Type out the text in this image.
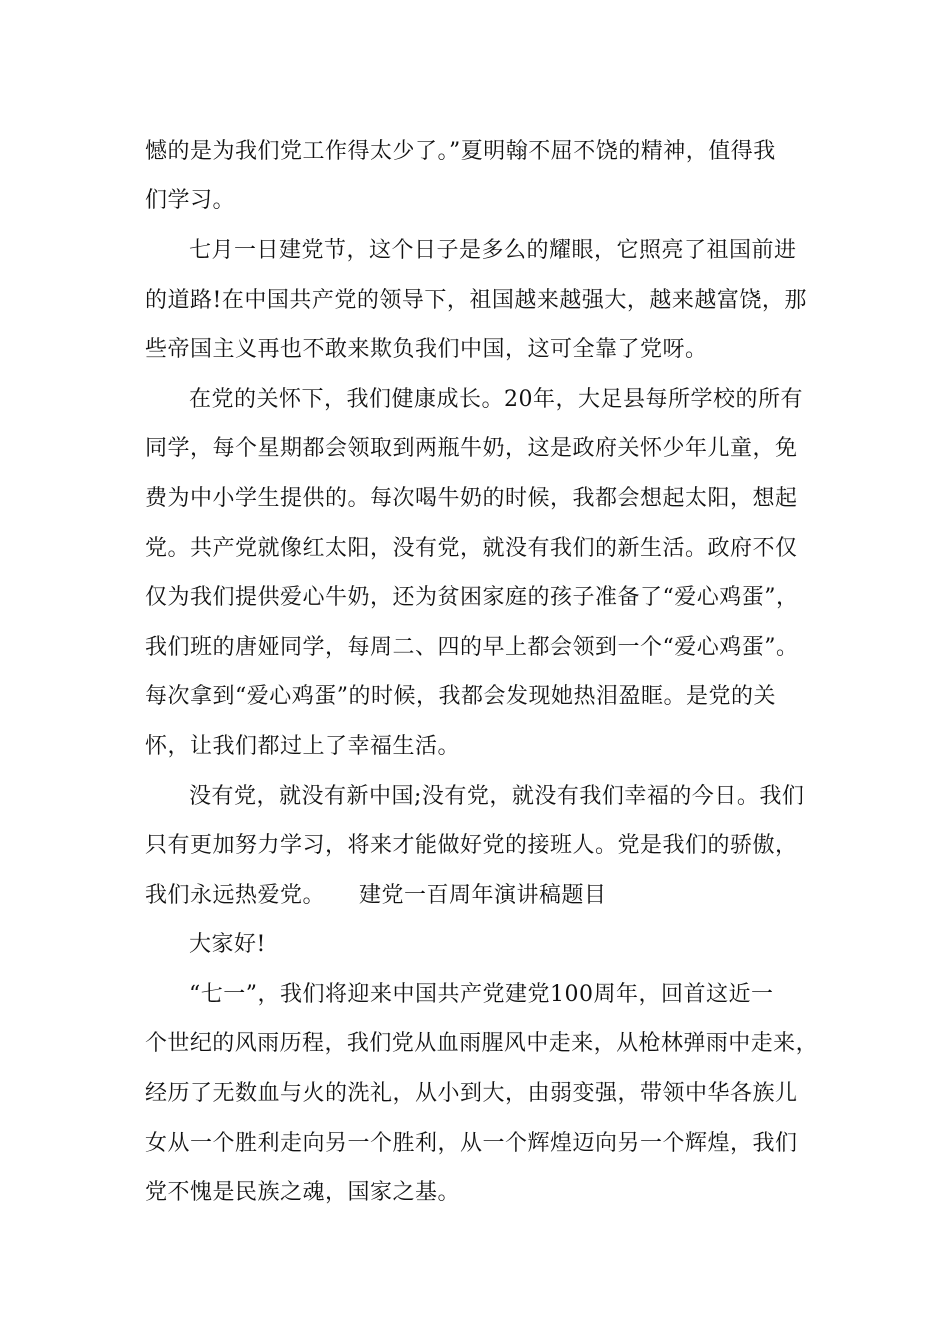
憾的是为我们党工作得太少了。”夏明翰不屈不饶的精神，值得我
们学习。
七月一日建党节，这个日子是多么的耀眼，它照亮了祖国前进
的道路!在中国共产党的领导下，祖国越来越强大，越来越富饶，那
些帝国主义再也不敢来欺负我们中国，这可全靠了党呀。
在党的关怀下，我们健康成长。20年，大足县每所学校的所有
同学，每个星期都会领取到两瓶牛奶，这是政府关怀少年儿童，免
费为中小学生提供的。每次喝牛奶的时候，我都会想起太阳，想起
党。共产党就像红太阳，没有党，就没有我们的新生活。政府不仅
仅为我们提供爱心牛奶，还为贫困家庭的孩子准备了“爱心鸡蛋”，
我们班的唐娅同学，每周二、四的早上都会领到一个“爱心鸡蛋”。
每次拿到“爱心鸡蛋”的时候，我都会发现她热泪盈眶。是党的关
怀，让我们都过上了幸福生活。
没有党，就没有新中国;没有党，就没有我们幸福的今日。我们
只有更加努力学习，将来才能做好党的接班人。党是我们的骄傲，
我们永远热爱党。　　建党一百周年演讲稿题目
大家好!
“七一”，我们将迎来中国共产党建党100周年，回首这近一
个世纪的风雨历程，我们党从血雨腥风中走来，从枪林弹雨中走来，
经历了无数血与火的洗礼，从小到大，由弱变强，带领中华各族儿
女从一个胜利走向另一个胜利，从一个辉煌迈向另一个辉煌，我们
党不愧是民族之魂，国家之基。
